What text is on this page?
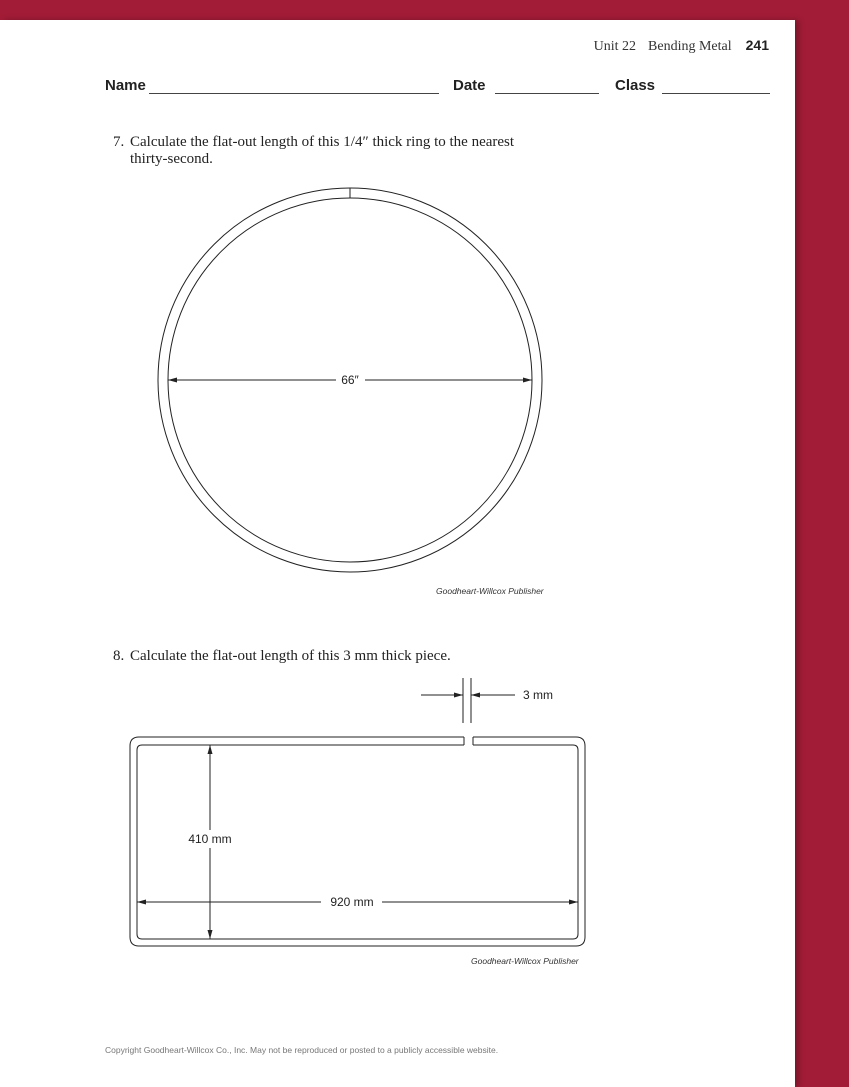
Unit 22 Bending Metal 241
Name	Date	Class
7. Calculate the flat-out length of this 1/4″ thick ring to the nearest
thirty-second.
66″
Goodheart-Willcox Publisher
8. Calculate the flat-out length of this 3 mm thick piece.
3 mm
410 mm
920 mm
Goodheart-Willcox Publisher
Copyright Goodheart-Willcox Co., Inc. May not be reproduced or posted to a publicly accessible website.
